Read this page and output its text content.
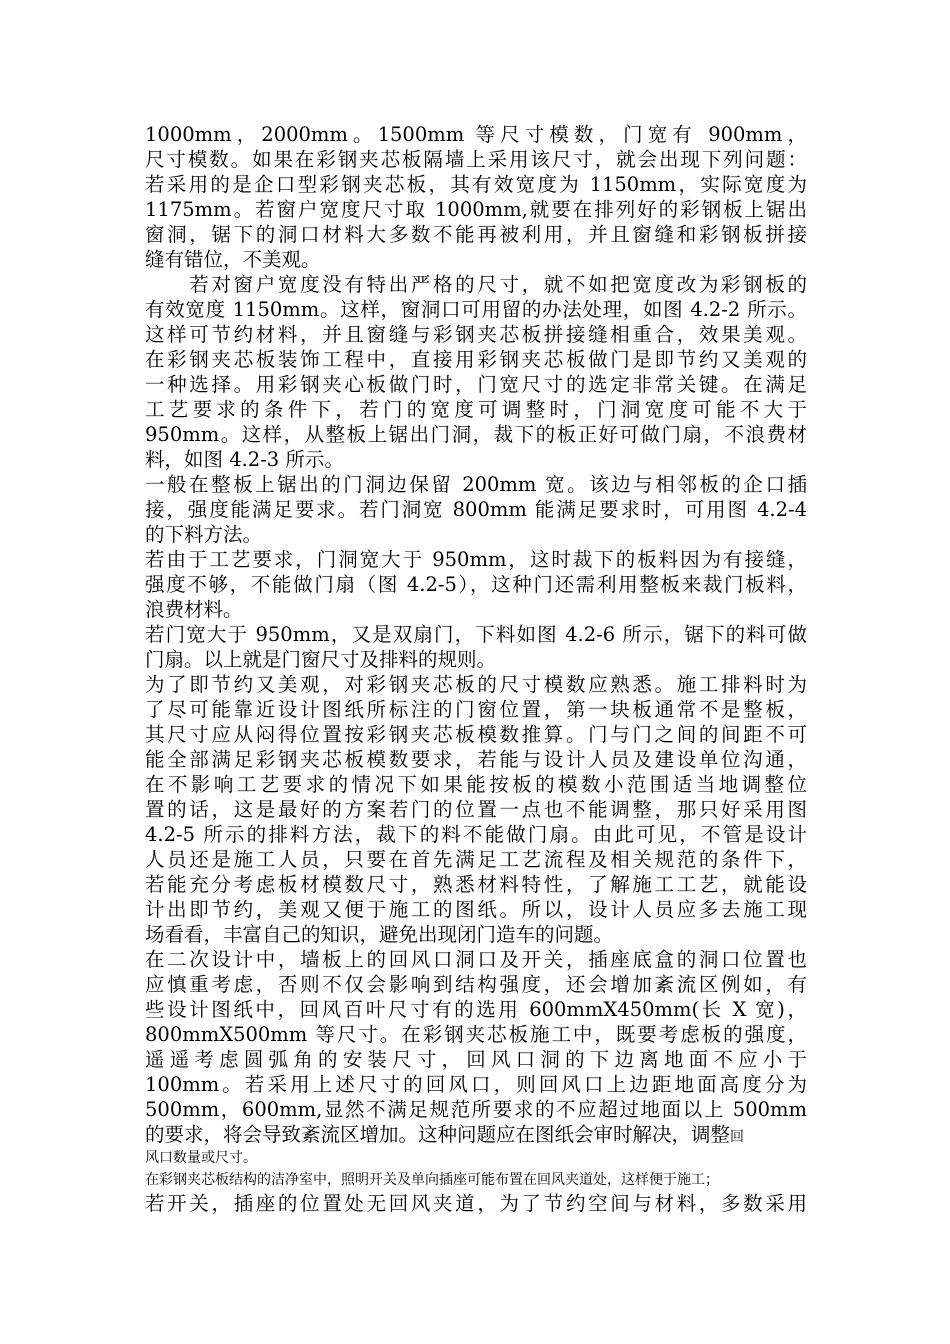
1000mm，2000mm。1500mm 等尺寸模数，门宽有 900mm，
尺寸模数。如果在彩钢夹芯板隔墙上采用该尺寸，就会出现下列问题：
若采用的是企口型彩钢夹芯板，其有效宽度为 1150mm，实际宽度为
1175mm。若窗户宽度尺寸取 1000mm,就要在排列好的彩钢板上锯出
窗洞，锯下的洞口材料大多数不能再被利用，并且窗缝和彩钢板拼接
缝有错位，不美观。
　　若对窗户宽度没有特出严格的尺寸，就不如把宽度改为彩钢板的
有效宽度 1150mm。这样，窗洞口可用留的办法处理，如图 4.2-2 所示。
这样可节约材料，并且窗缝与彩钢夹芯板拼接缝相重合，效果美观。
在彩钢夹芯板装饰工程中，直接用彩钢夹芯板做门是即节约又美观的
一种选择。用彩钢夹心板做门时，门宽尺寸的选定非常关键。在满足
工艺要求的条件下，若门的宽度可调整时，门洞宽度可能不大于
950mm。这样，从整板上锯出门洞，裁下的板正好可做门扇，不浪费材
料，如图 4.2-3 所示。
一般在整板上锯出的门洞边保留 200mm 宽。该边与相邻板的企口插
接，强度能满足要求。若门洞宽 800mm 能满足要求时，可用图 4.2-4
的下料方法。
若由于工艺要求，门洞宽大于 950mm，这时裁下的板料因为有接缝，
强度不够，不能做门扇（图 4.2-5），这种门还需利用整板来裁门板料，
浪费材料。
若门宽大于 950mm，又是双扇门，下料如图 4.2-6 所示，锯下的料可做
门扇。以上就是门窗尺寸及排料的规则。
为了即节约又美观，对彩钢夹芯板的尺寸模数应熟悉。施工排料时为
了尽可能靠近设计图纸所标注的门窗位置，第一块板通常不是整板，
其尺寸应从闷得位置按彩钢夹芯板模数推算。门与门之间的间距不可
能全部满足彩钢夹芯板模数要求，若能与设计人员及建设单位沟通，
在不影响工艺要求的情况下如果能按板的模数小范围适当地调整位
置的话，这是最好的方案若门的位置一点也不能调整，那只好采用图
4.2-5 所示的排料方法，裁下的料不能做门扇。由此可见，不管是设计
人员还是施工人员，只要在首先满足工艺流程及相关规范的条件下，
若能充分考虑板材模数尺寸，熟悉材料特性，了解施工工艺，就能设
计出即节约，美观又便于施工的图纸。所以，设计人员应多去施工现
场看看，丰富自己的知识，避免出现闭门造车的问题。
在二次设计中，墙板上的回风口洞口及开关，插座底盒的洞口位置也
应慎重考虑，否则不仅会影响到结构强度，还会增加紊流区例如，有
些设计图纸中，回风百叶尺寸有的选用 600mmX450mm(长 X 宽)，
800mmX500mm 等尺寸。在彩钢夹芯板施工中，既要考虑板的强度，
遥遥考虑圆弧角的安装尺寸，回风口洞的下边离地面不应小于
100mm。若采用上述尺寸的回风口，则回风口上边距地面高度分为
500mm，600mm,显然不满足规范所要求的不应超过地面以上 500mm
的要求，将会导致紊流区增加。这种问题应在图纸会审时解决，调整回
风口数量或尺寸。
在彩钢夹芯板结构的洁净室中，照明开关及单向插座可能布置在回风夹道处，这样便于施工；
若开关，插座的位置处无回风夹道，为了节约空间与材料，多数采用
